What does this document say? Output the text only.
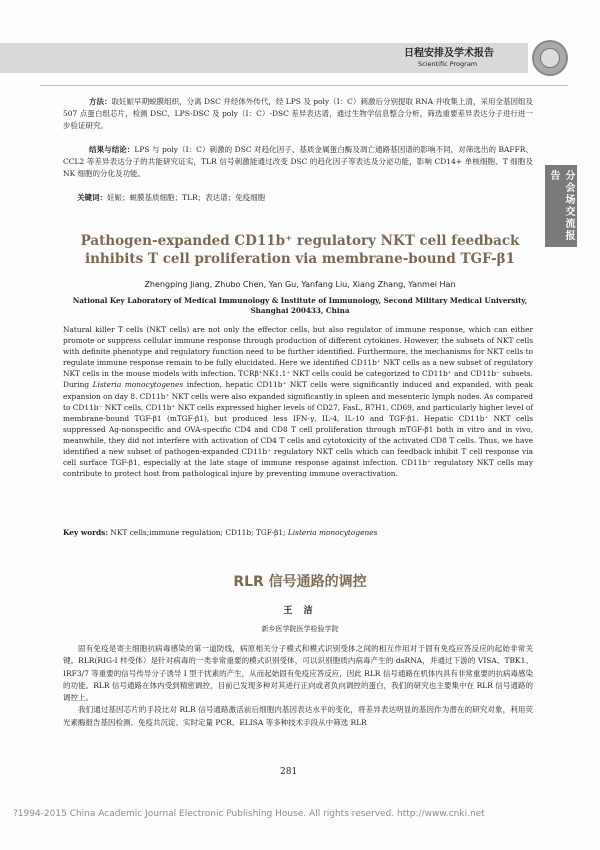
日程安排及学术报告
Scientific Program
分会场交流报告

方法：取妊娠早期蜕膜组织，分离 DSC 并经体外传代，经 LPS 及 poly（I：C）刺激后分别提取 RNA 并收集上清，采用全基因组及 507 点蛋白组芯片，检测 DSC、LPS-DSC 及 poly（I：C）-DSC 差异表达谱，通过生物学信息整合分析，筛选重要差异表达分子进行进一步验证研究。

结果与结论：LPS 与 poly（I：C）刺激的 DSC 对趋化因子、基质金属蛋白酶及凋亡通路基因谱的影响不同，对筛选出的 BAFFR、CCL2 等差异表达分子的共能研究证实，TLR 信号刺激能通过改变 DSC 的趋化因子等表达及分泌功能，影响 CD14+ 单核细胞、T 细胞及 NK 细胞的分化及功能。

关键词：妊娠；蜕膜基质细胞；TLR；表达谱；免疫细胞
Pathogen-expanded CD11b⁺ regulatory NKT cell feedback inhibits T cell proliferation via membrane-bound TGF-β1
Zhengping Jiang, Zhubo Chen, Yan Gu, Yanfang Liu, Xiang Zhang, Yanmei Han
National Key Laboratory of Medical Immunology & Institute of Immunology, Second Military Medical University, Shanghai 200433, China

Natural killer T cells (NKT cells) are not only the effector cells, but also regulator of immune response, which can either promote or suppress cellular immune response through production of different cytokines. However, the subsets of NKT cells with definite phenotype and regulatory function need to be further identified. Furthermore, the mechanisms for NKT cells to regulate immune response remain to be fully elucidated. Here we identified CD11b⁺ NKT cells as a new subset of regulatory NKT cells in the mouse models with infection. TCRβ⁺NK1.1⁺ NKT cells could be categorized to CD11b⁺ and CD11b⁻ subsets. During Listeria monocytogenes infection, hepatic CD11b⁺ NKT cells were significantly induced and expanded, with peak expansion on day 8. CD11b⁺ NKT cells were also expanded significantly in spleen and mesenteric lymph nodes. As compared to CD11b⁻ NKT cells, CD11b⁺ NKT cells expressed higher levels of CD27, FasL, B7H1, CD69, and particularly higher level of membrane-bound TGF-β1 (mTGF-β1), but produced less IFN-γ, IL-4, IL-10 and TGF-β1. Hepatic CD11b⁺ NKT cells suppressed Ag-nonspecific and OVA-specific CD4 and CD8 T cell proliferation through mTGF-β1 both in vitro and in vivo, meanwhile, they did not interfere with activation of CD4 T cells and cytotoxicity of the activated CD8 T cells. Thus, we have identified a new subset of pathogen-expanded CD11b⁺ regulatory NKT cells which can feedback inhibit T cell response via cell surface TGF-β1, especially at the late stage of immune response against infection. CD11b⁺ regulatory NKT cells may contribute to protect host from pathological injure by preventing immune overactivation.

Key words: NKT cells;immune regulation; CD11b; TGF-β1; Listeria monocytogenes
RLR 信号通路的调控
王 洁
新乡医学院医学检验学院

固有免疫是寄主细胞抗病毒感染的第一道防线，病原相关分子模式和模式识别受体之间的相互作用对于固有免疫应答反应的起始非常关键。RLR(RIG-I 样受体）是针对病毒的一类非常重要的模式识别受体，可以识别胞质内病毒产生的 dsRNA，并通过下游的 VISA、TBK1、IRF3/7 等重要的信号传导分子诱导 I 型干扰素的产生，从而起始固有免疫应答反应，因此 RLR 信号通路在机体内具有非常重要的抗病毒感染的功能。RLR 信号通路在体内受到精密调控，目前已发现多种对其进行正向或者负向调控的蛋白，我们的研究也主要集中在 RLR 信号通路的调控上。

我们通过基因芯片的手段比对 RLR 信号通路激活前后细胞内基因表达水平的变化，将差异表达明显的基因作为潜在的研究对象，利用荧光素酶报告基因检测、免疫共沉淀、实时定量 PCR、ELISA 等多种技术手段从中筛选 RLR

281
?1994-2015 China Academic Journal Electronic Publishing House. All rights reserved. http://www.cnki.net
